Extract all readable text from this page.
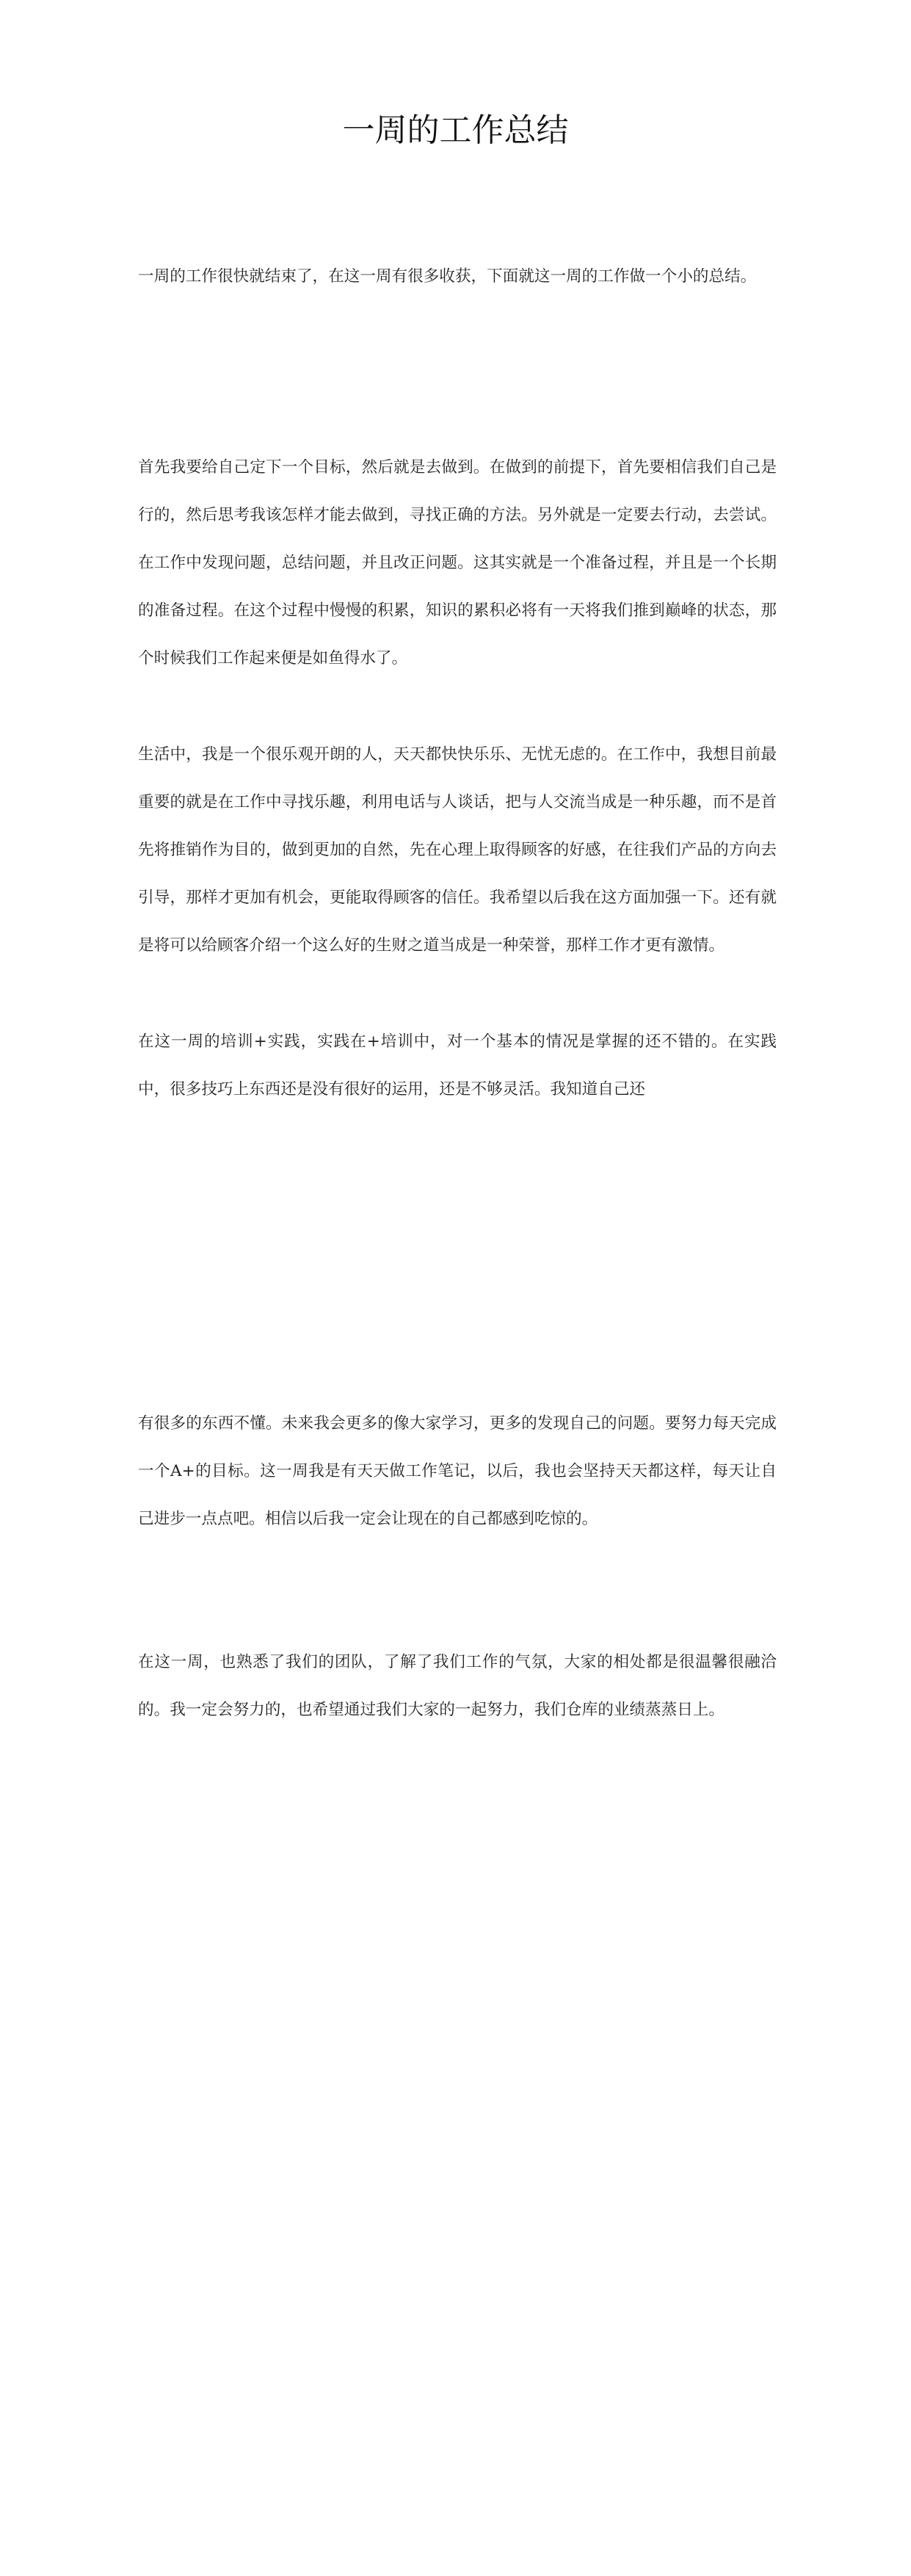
一周的工作总结

一周的工作很快就结束了，在这一周有很多收获，下面就这一周的工作做一个小的总结。

首先我要给自己定下一个目标，然后就是去做到。在做到的前提下，首先要相信我们自己是行的，然后思考我该怎样才能去做到，寻找正确的方法。另外就是一定要去行动，去尝试。在工作中发现问题，总结问题，并且改正问题。这其实就是一个准备过程，并且是一个长期的准备过程。在这个过程中慢慢的积累，知识的累积必将有一天将我们推到巅峰的状态，那个时候我们工作起来便是如鱼得水了。

生活中，我是一个很乐观开朗的人，天天都快快乐乐、无忧无虑的。在工作中，我想目前最重要的就是在工作中寻找乐趣，利用电话与人谈话，把与人交流当成是一种乐趣，而不是首先将推销作为目的，做到更加的自然，先在心理上取得顾客的好感，在往我们产品的方向去引导，那样才更加有机会，更能取得顾客的信任。我希望以后我在这方面加强一下。还有就是将可以给顾客介绍一个这么好的生财之道当成是一种荣誉，那样工作才更有激情。

在这一周的培训+实践，实践在+培训中，对一个基本的情况是掌握的还不错的。在实践中，很多技巧上东西还是没有很好的运用，还是不够灵活。我知道自己还

有很多的东西不懂。未来我会更多的像大家学习，更多的发现自己的问题。要努力每天完成一个A+的目标。这一周我是有天天做工作笔记，以后，我也会坚持天天都这样，每天让自己进步一点点吧。相信以后我一定会让现在的自己都感到吃惊的。

在这一周，也熟悉了我们的团队，了解了我们工作的气氛，大家的相处都是很温馨很融洽的。我一定会努力的，也希望通过我们大家的一起努力，我们仓库的业绩蒸蒸日上。
